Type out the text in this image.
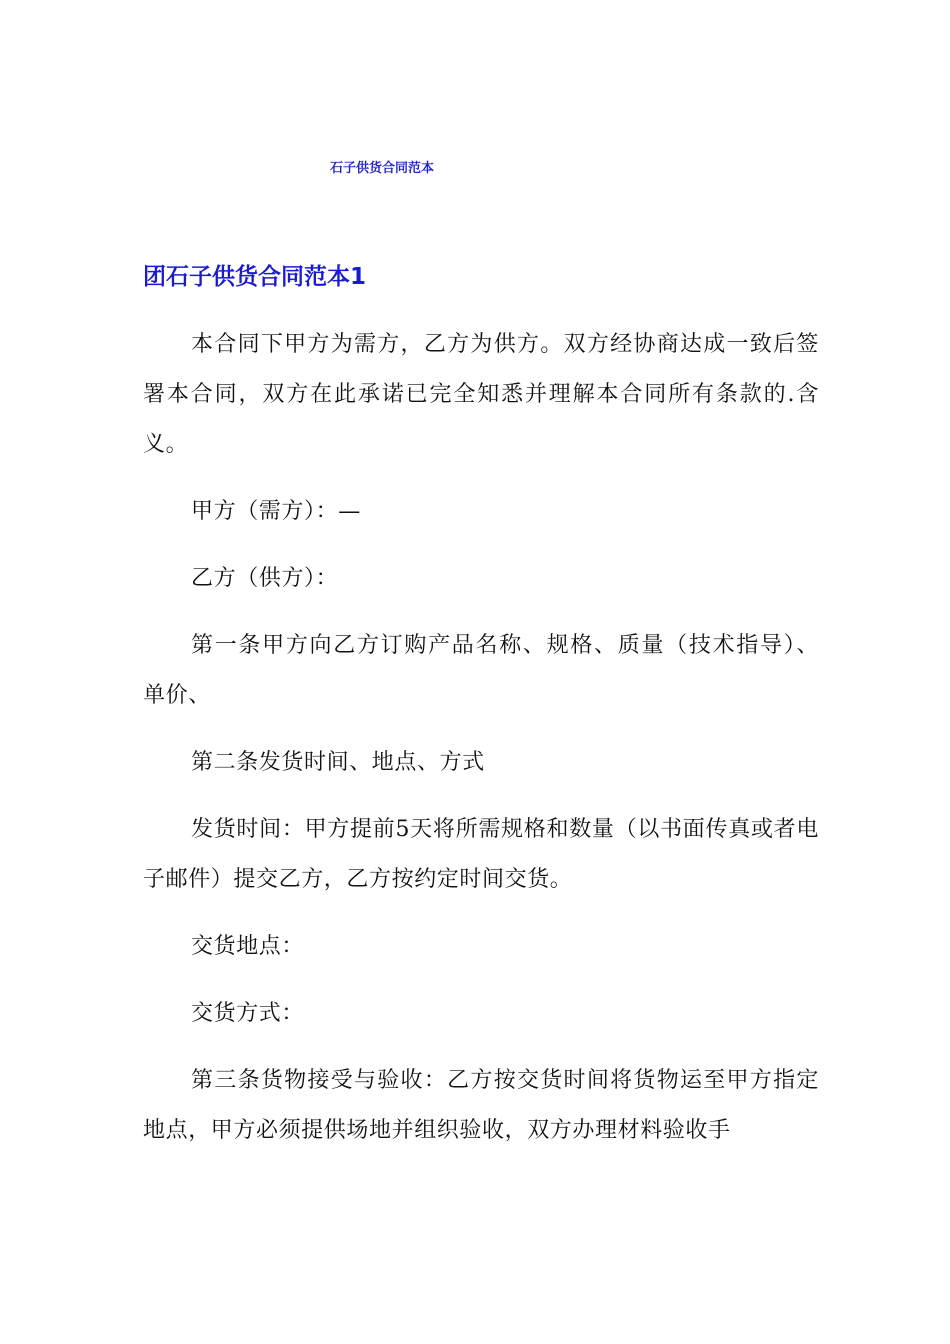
石子供货合同范本
团石子供货合同范本1

本合同下甲方为需方，乙方为供方。双方经协商达成一致后签署本合同，双方在此承诺已完全知悉并理解本合同所有条款的.含义。

甲方（需方）：—

乙方（供方）：

第一条甲方向乙方订购产品名称、规格、质量（技术指导）、 单价、

第二条发货时间、地点、方式

发货时间：甲方提前5天将所需规格和数量（以书面传真或者电子邮件）提交乙方，乙方按约定时间交货。

交货地点：

交货方式：

第三条货物接受与验收：乙方按交货时间将货物运至甲方指定地点，甲方必须提供场地并组织验收，双方办理材料验收手
